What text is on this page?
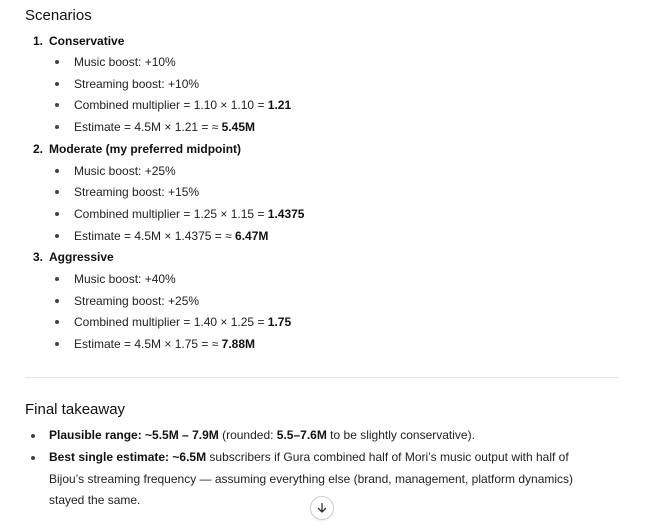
Scenarios
1. Conservative
Music boost: +10%
Streaming boost: +10%
Combined multiplier = 1.10 × 1.10 = 1.21
Estimate = 4.5M × 1.21 = ≈ 5.45M
2. Moderate (my preferred midpoint)
Music boost: +25%
Streaming boost: +15%
Combined multiplier = 1.25 × 1.15 = 1.4375
Estimate = 4.5M × 1.4375 = ≈ 6.47M
3. Aggressive
Music boost: +40%
Streaming boost: +25%
Combined multiplier = 1.40 × 1.25 = 1.75
Estimate = 4.5M × 1.75 = ≈ 7.88M
Final takeaway
Plausible range: ~5.5M – 7.9M (rounded: 5.5–7.6M to be slightly conservative).
Best single estimate: ~6.5M subscribers if Gura combined half of Mori’s music output with half of Bijou’s streaming frequency — assuming everything else (brand, management, platform dynamics) stayed the same.
